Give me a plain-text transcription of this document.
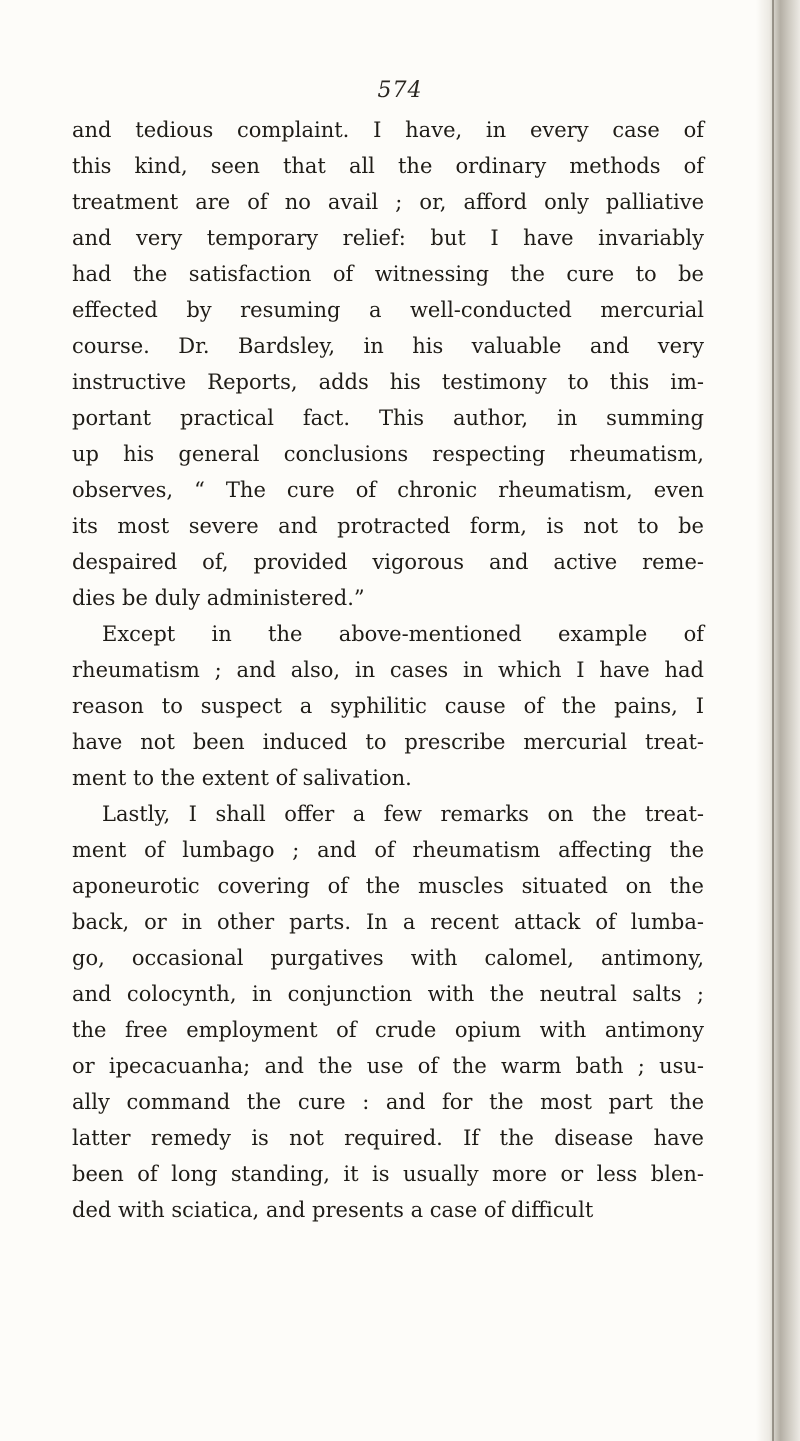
574
and tedious complaint. I have, in every case of
this kind, seen that all the ordinary methods of
treatment are of no avail ; or, afford only palliative
and very temporary relief: but I have invariably
had the satisfaction of witnessing the cure to be
effected by resuming a well-conducted mercurial
course. Dr. Bardsley, in his valuable and very
instructive Reports, adds his testimony to this im-
portant practical fact. This author, in summing
up his general conclusions respecting rheumatism,
observes, “ The cure of chronic rheumatism, even
its most severe and protracted form, is not to be
despaired of, provided vigorous and active reme-
dies be duly administered.”
Except in the above-mentioned example of
rheumatism ; and also, in cases in which I have had
reason to suspect a syphilitic cause of the pains, I
have not been induced to prescribe mercurial treat-
ment to the extent of salivation.
Lastly, I shall offer a few remarks on the treat-
ment of lumbago ; and of rheumatism affecting the
aponeurotic covering of the muscles situated on the
back, or in other parts. In a recent attack of lumba-
go, occasional purgatives with calomel, antimony,
and colocynth, in conjunction with the neutral salts ;
the free employment of crude opium with antimony
or ipecacuanha; and the use of the warm bath ; usu-
ally command the cure : and for the most part the
latter remedy is not required. If the disease have
been of long standing, it is usually more or less blen-
ded with sciatica, and presents a case of difficult
